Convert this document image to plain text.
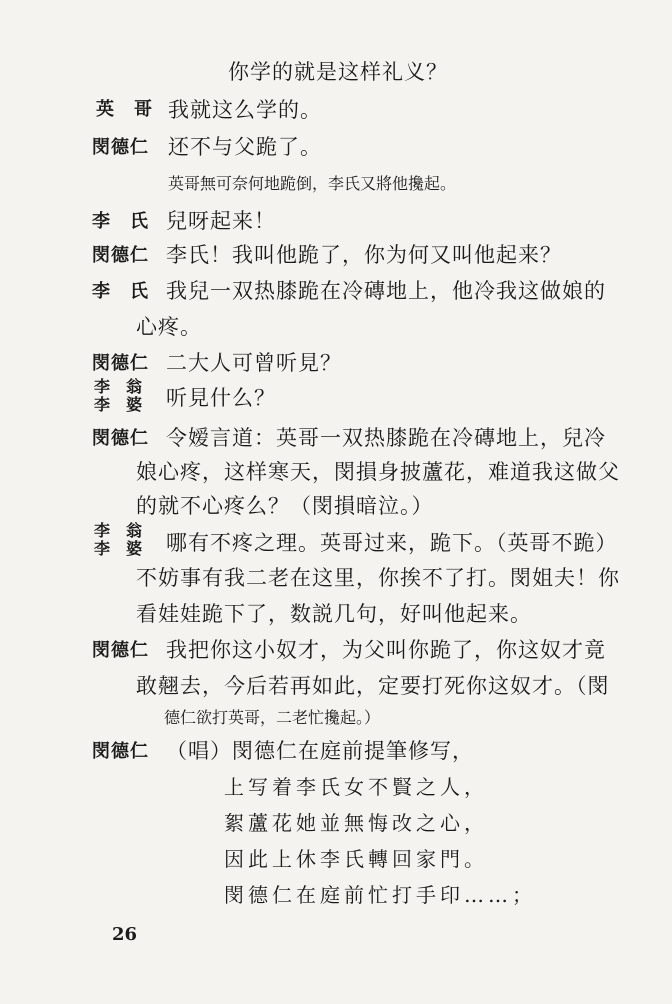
你学的就是这样礼义？
英　哥 我就这么学的。
閔德仁 还不与父跪了。
英哥無可奈何地跪倒，李氏又將他攙起。
李　氏 兒呀起来！
閔德仁 李氏！我叫他跪了，你为何又叫他起来？
李　氏 我兒一双热膝跪在冷磚地上，他冷我这做娘的
心疼。
閔德仁 二大人可曾听見？
李　翁
李　婆 听見什么？
閔德仁 令嫒言道：英哥一双热膝跪在冷磚地上，兒冷
娘心疼，这样寒天，閔損身披蘆花，难道我这做父
的就不心疼么？（閔損暗泣。）
李　翁
李　婆 哪有不疼之理。英哥过来，跪下。（英哥不跪）
不妨事有我二老在这里，你挨不了打。閔姐夫！你
看娃娃跪下了，数説几句，好叫他起来。
閔德仁 我把你这小奴才，为父叫你跪了，你这奴才竟
敢翹去，今后若再如此，定要打死你这奴才。（閔
德仁欲打英哥，二老忙攙起。）
閔德仁 （唱）閔德仁在庭前提筆修写，
上写着李氏女不賢之人，
絮蘆花她並無悔改之心，
因此上休李氏轉回家門。
閔德仁在庭前忙打手印……；
26
